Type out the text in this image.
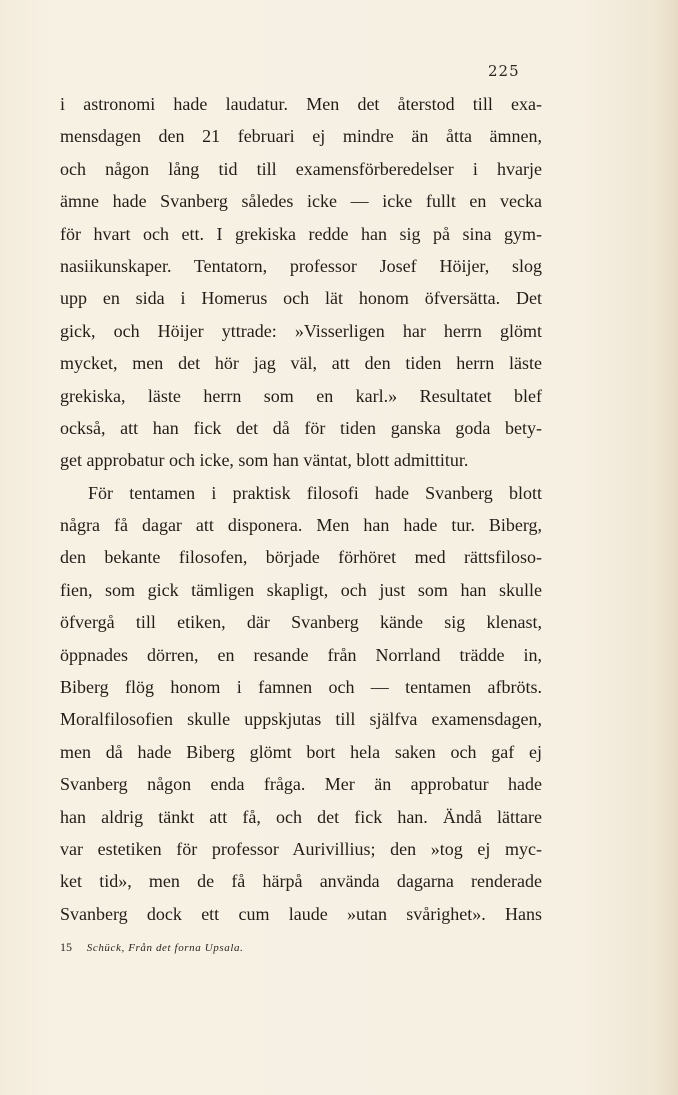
225
i astronomi hade laudatur. Men det återstod till exa-
mensdagen den 21 februari ej mindre än åtta ämnen,
och någon lång tid till examensförberedelser i hvarje
ämne hade Svanberg således icke — icke fullt en vecka
för hvart och ett. I grekiska redde han sig på sina gym-
nasiikunskaper. Tentatorn, professor Josef Höijer, slog
upp en sida i Homerus och lät honom öfversätta. Det
gick, och Höijer yttrade: »Visserligen har herrn glömt
mycket, men det hör jag väl, att den tiden herrn läste
grekiska, läste herrn som en karl.» Resultatet blef
också, att han fick det då för tiden ganska goda bety-
get approbatur och icke, som han väntat, blott admittitur.
För tentamen i praktisk filosofi hade Svanberg blott
några få dagar att disponera. Men han hade tur. Biberg,
den bekante filosofen, började förhöret med rättsfiloso-
fien, som gick tämligen skapligt, och just som han skulle
öfvergå till etiken, där Svanberg kände sig klenast,
öppnades dörren, en resande från Norrland trädde in,
Biberg flög honom i famnen och — tentamen afbröts.
Moralfilosofien skulle uppskjutas till själfva examensdagen,
men då hade Biberg glömt bort hela saken och gaf ej
Svanberg någon enda fråga. Mer än approbatur hade
han aldrig tänkt att få, och det fick han. Ändå lättare
var estetiken för professor Aurivillius; den »tog ej myc-
ket tid», men de få härpå använda dagarna renderade
Svanberg dock ett cum laude »utan svårighet». Hans
15 Schück, Från det forna Upsala.
